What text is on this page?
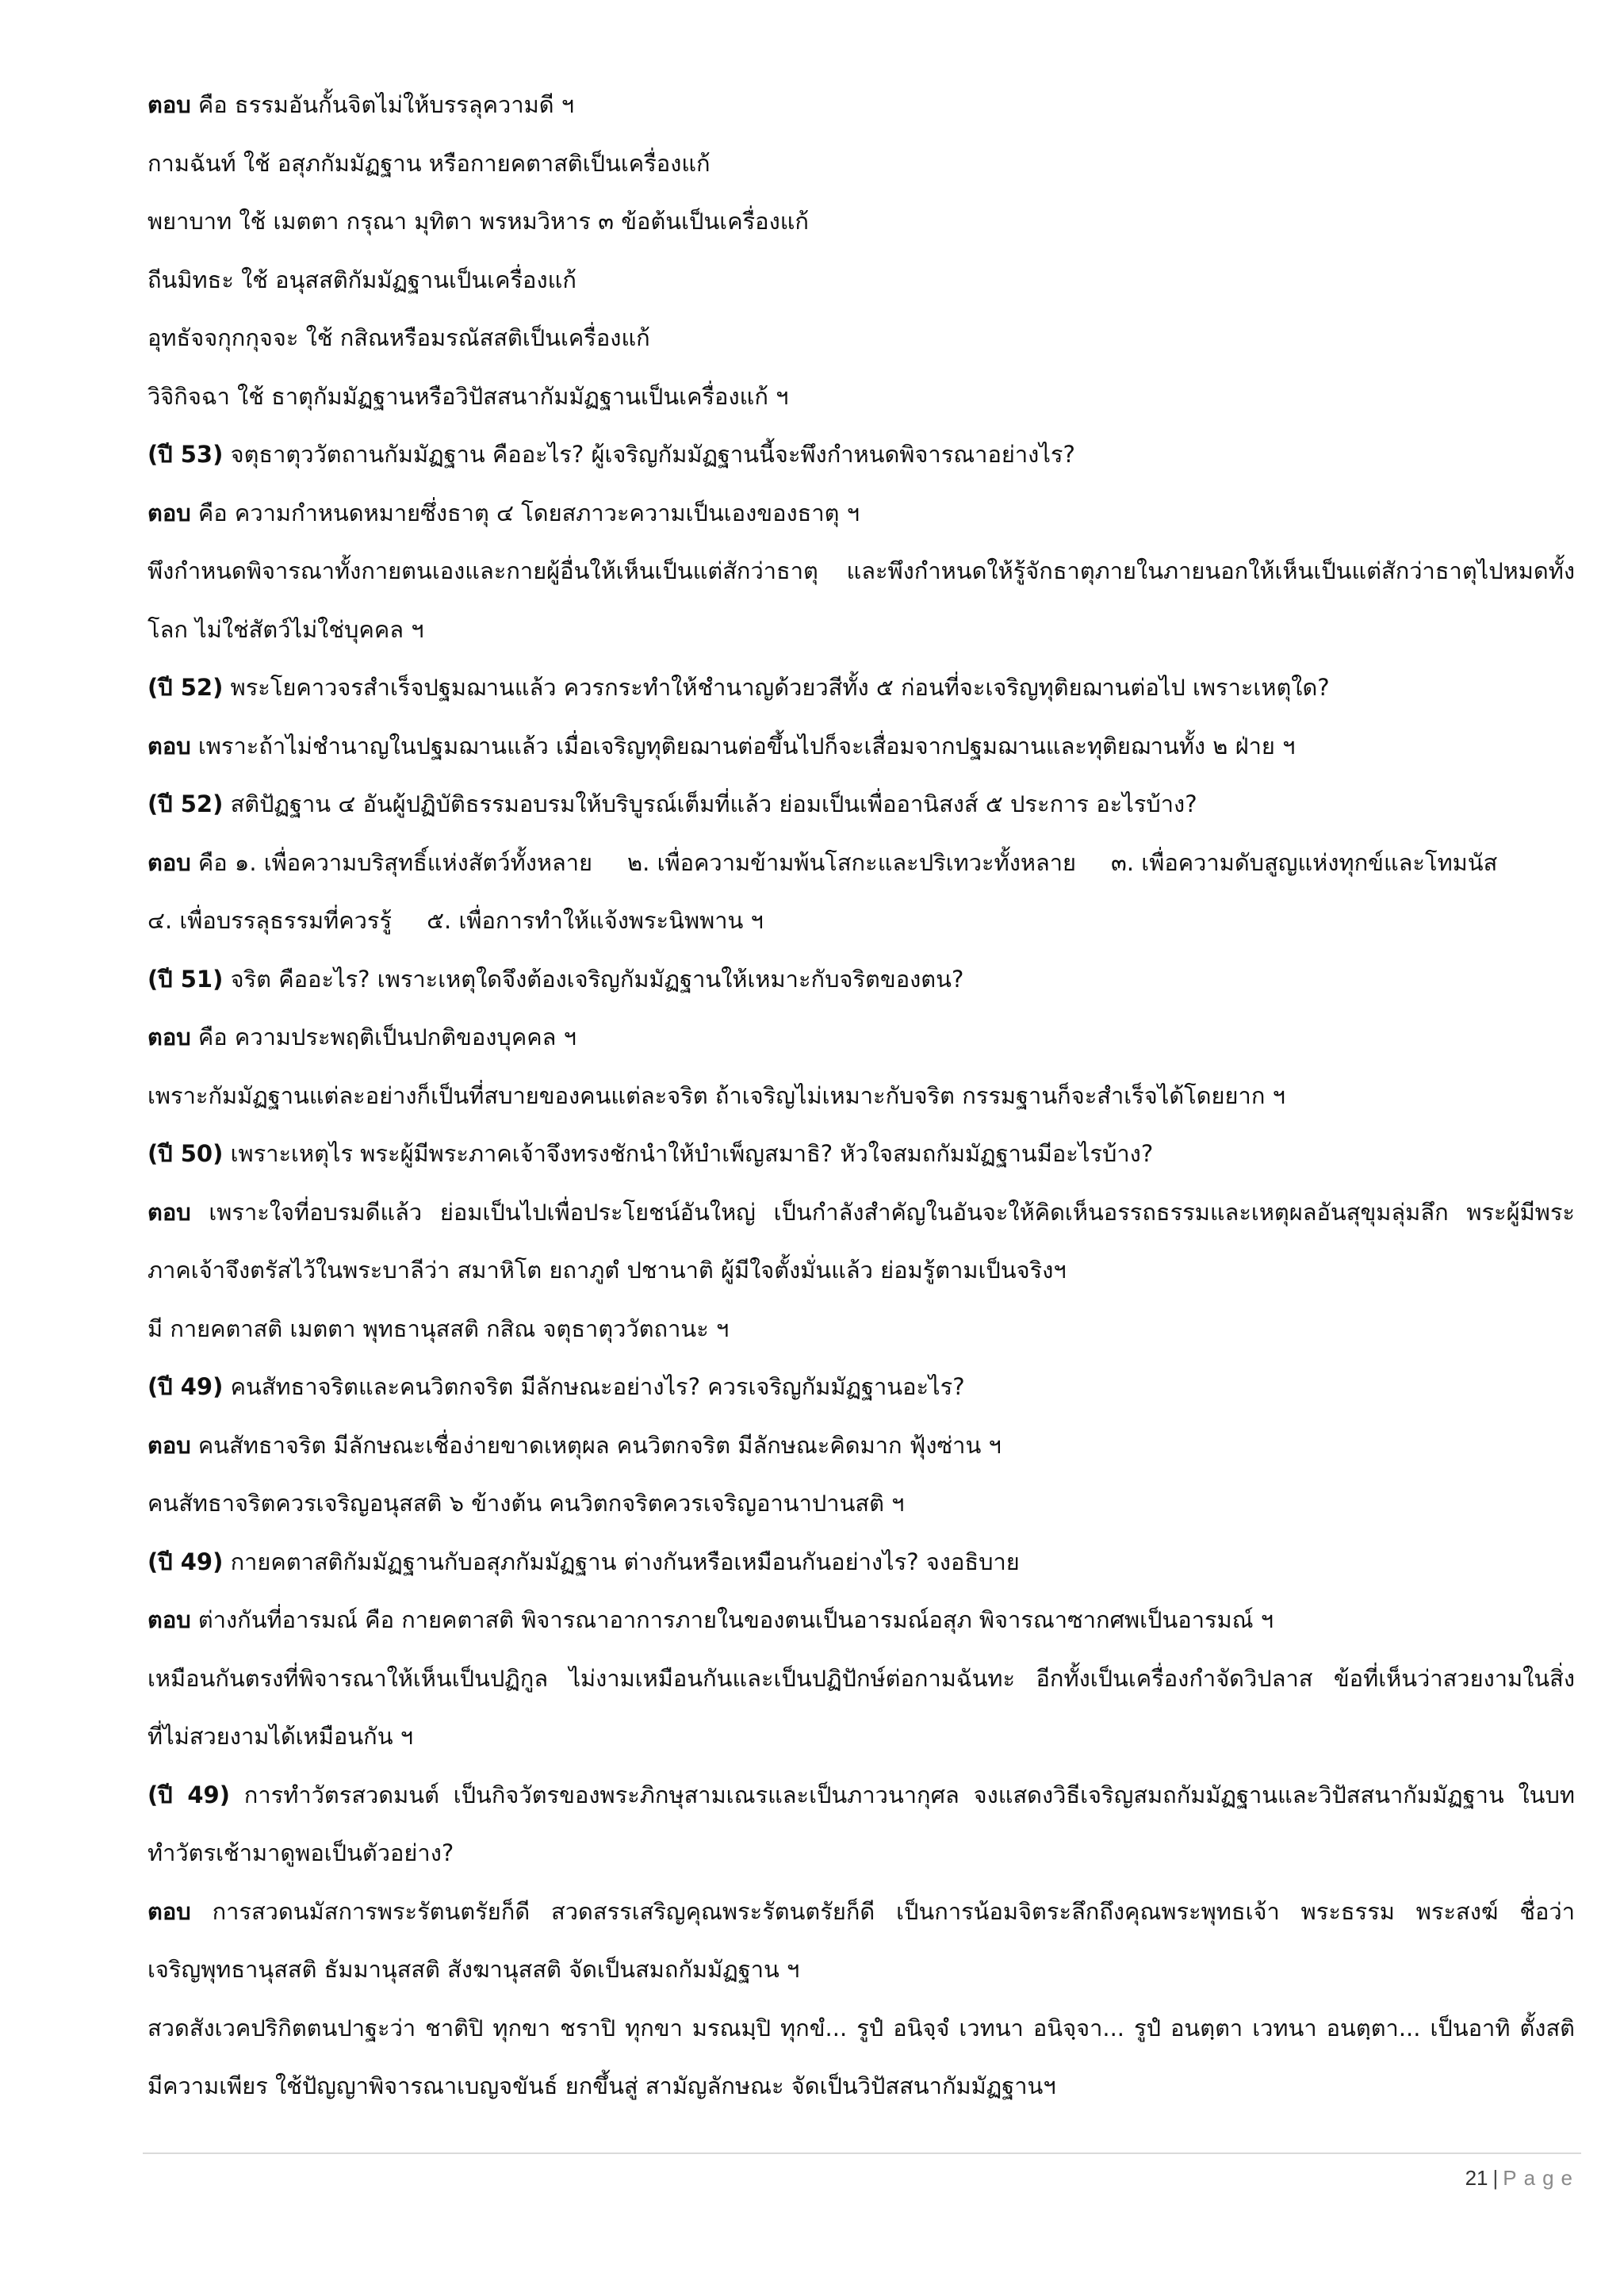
ตอบ คือ ธรรมอันกั้นจิตไม่ให้บรรลุความดี ฯ
กามฉันท์ ใช้ อสุภกัมมัฏฐาน หรือกายคตาสติเป็นเครื่องแก้
พยาบาท ใช้ เมตตา กรุณา มุทิตา พรหมวิหาร ๓ ข้อต้นเป็นเครื่องแก้
ถีนมิทธะ ใช้ อนุสสติกัมมัฏฐานเป็นเครื่องแก้
อุทธัจจกุกกุจจะ ใช้ กสิณหรือมรณัสสติเป็นเครื่องแก้
วิจิกิจฉา ใช้ ธาตุกัมมัฏฐานหรือวิปัสสนากัมมัฏฐานเป็นเครื่องแก้ ฯ
(ปี 53) จตุธาตุววัตถานกัมมัฏฐาน คืออะไร? ผู้เจริญกัมมัฏฐานนี้จะพึงกำหนดพิจารณาอย่างไร?
ตอบ คือ ความกำหนดหมายซึ่งธาตุ ๔ โดยสภาวะความเป็นเองของธาตุ ฯ
พึงกำหนดพิจารณาทั้งกายตนเองและกายผู้อื่นให้เห็นเป็นแต่สักว่าธาตุ และพึงกำหนดให้รู้จักธาตุภายในภายนอกให้เห็นเป็นแต่สักว่าธาตุไปหมดทั้ง
โลก ไม่ใช่สัตว์ไม่ใช่บุคคล ฯ
(ปี 52) พระโยคาวจรสำเร็จปฐมฌานแล้ว ควรกระทำให้ชำนาญด้วยวสีทั้ง ๕ ก่อนที่จะเจริญทุติยฌานต่อไป เพราะเหตุใด?
ตอบ เพราะถ้าไม่ชำนาญในปฐมฌานแล้ว เมื่อเจริญทุติยฌานต่อขึ้นไปก็จะเสื่อมจากปฐมฌานและทุติยฌานทั้ง ๒ ฝ่าย ฯ
(ปี 52) สติปัฏฐาน ๔ อันผู้ปฏิบัติธรรมอบรมให้บริบูรณ์เต็มที่แล้ว ย่อมเป็นเพื่ออานิสงส์ ๕ ประการ อะไรบ้าง?
ตอบ คือ ๑. เพื่อความบริสุทธิ์แห่งสัตว์ทั้งหลาย ๒. เพื่อความข้ามพ้นโสกะและปริเทวะทั้งหลาย ๓. เพื่อความดับสูญแห่งทุกข์และโทมนัส
๔. เพื่อบรรลุธรรมที่ควรรู้ ๕. เพื่อการทำให้แจ้งพระนิพพาน ฯ
(ปี 51) จริต คืออะไร? เพราะเหตุใดจึงต้องเจริญกัมมัฏฐานให้เหมาะกับจริตของตน?
ตอบ คือ ความประพฤติเป็นปกติของบุคคล ฯ
เพราะกัมมัฏฐานแต่ละอย่างก็เป็นที่สบายของคนแต่ละจริต ถ้าเจริญไม่เหมาะกับจริต กรรมฐานก็จะสำเร็จได้โดยยาก ฯ
(ปี 50) เพราะเหตุไร พระผู้มีพระภาคเจ้าจึงทรงชักนำให้บำเพ็ญสมาธิ? หัวใจสมถกัมมัฏฐานมีอะไรบ้าง?
ตอบ เพราะใจที่อบรมดีแล้ว ย่อมเป็นไปเพื่อประโยชน์อันใหญ่ เป็นกำลังสำคัญในอันจะให้คิดเห็นอรรถธรรมและเหตุผลอันสุขุมลุ่มลึก พระผู้มีพระ
ภาคเจ้าจึงตรัสไว้ในพระบาลีว่า สมาหิโต ยถาภูตํ ปชานาติ ผู้มีใจตั้งมั่นแล้ว ย่อมรู้ตามเป็นจริงฯ
มี กายคตาสติ เมตตา พุทธานุสสติ กสิณ จตุธาตุววัตถานะ ฯ
(ปี 49) คนสัทธาจริตและคนวิตกจริต มีลักษณะอย่างไร? ควรเจริญกัมมัฏฐานอะไร?
ตอบ คนสัทธาจริต มีลักษณะเชื่อง่ายขาดเหตุผล คนวิตกจริต มีลักษณะคิดมาก ฟุ้งซ่าน ฯ
คนสัทธาจริตควรเจริญอนุสสติ ๖ ข้างต้น คนวิตกจริตควรเจริญอานาปานสติ ฯ
(ปี 49) กายคตาสติกัมมัฏฐานกับอสุภกัมมัฏฐาน ต่างกันหรือเหมือนกันอย่างไร? จงอธิบาย
ตอบ ต่างกันที่อารมณ์ คือ กายคตาสติ พิจารณาอาการภายในของตนเป็นอารมณ์อสุภ พิจารณาซากศพเป็นอารมณ์ ฯ
เหมือนกันตรงที่พิจารณาให้เห็นเป็นปฏิกูล ไม่งามเหมือนกันและเป็นปฏิปักษ์ต่อกามฉันทะ อีกทั้งเป็นเครื่องกำจัดวิปลาส ข้อที่เห็นว่าสวยงามในสิ่ง
ที่ไม่สวยงามได้เหมือนกัน ฯ
(ปี 49) การทำวัตรสวดมนต์ เป็นกิจวัตรของพระภิกษุสามเณรและเป็นภาวนากุศล จงแสดงวิธีเจริญสมถกัมมัฏฐานและวิปัสสนากัมมัฏฐาน ในบท
ทำวัตรเช้ามาดูพอเป็นตัวอย่าง?
ตอบ การสวดนมัสการพระรัตนตรัยก็ดี สวดสรรเสริญคุณพระรัตนตรัยก็ดี เป็นการน้อมจิตระลึกถึงคุณพระพุทธเจ้า พระธรรม พระสงฆ์ ชื่อว่า
เจริญพุทธานุสสติ ธัมมานุสสติ สังฆานุสสติ จัดเป็นสมถกัมมัฏฐาน ฯ
สวดสังเวคปริกิตตนปาฐะว่า ชาติปิ ทุกขา ชราปิ ทุกขา มรณมฺปิ ทุกขํ... รูปํ อนิจฺจํ เวทนา อนิจฺจา... รูปํ อนตฺตา เวทนา อนตฺตา... เป็นอาทิ ตั้งสติ
มีความเพียร ใช้ปัญญาพิจารณาเบญจขันธ์ ยกขึ้นสู่ สามัญลักษณะ จัดเป็นวิปัสสนากัมมัฏฐานฯ
21 | Page
